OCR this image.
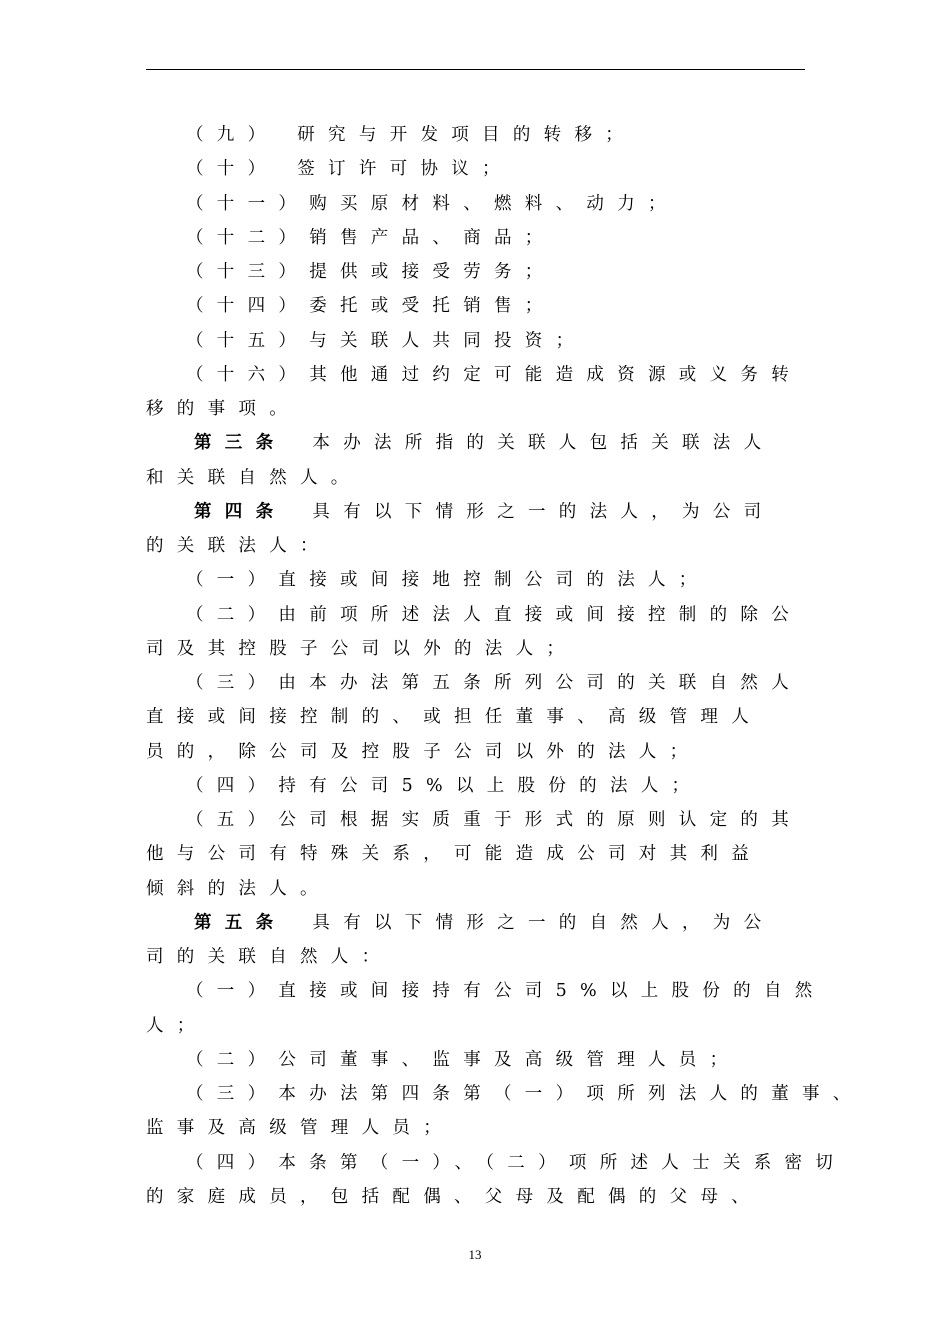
（九） 研究与开发项目的转移；

（十） 签订许可协议；

（十一）购买原材料、燃料、动力；

（十二）销售产品、商品；

（十三）提供或接受劳务；

（十四）委托或受托销售；

（十五）与关联人共同投资；

（十六）其他通过约定可能造成资源或义务转

移的事项。

第三条 本办法所指的关联人包括关联法人

和关联自然人。

第四条 具有以下情形之一的法人，为公司

的关联法人：

（一）直接或间接地控制公司的法人；

（二）由前项所述法人直接或间接控制的除公

司及其控股子公司以外的法人；

（三）由本办法第五条所列公司的关联自然人

直接或间接控制的、或担任董事、高级管理人

员的，除公司及控股子公司以外的法人；

（四）持有公司5%以上股份的法人；

（五）公司根据实质重于形式的原则认定的其

他与公司有特殊关系，可能造成公司对其利益

倾斜的法人。

第五条 具有以下情形之一的自然人，为公

司的关联自然人：

（一）直接或间接持有公司5%以上股份的自然

人；

（二）公司董事、监事及高级管理人员；

（三）本办法第四条第（一）项所列法人的董事、

监事及高级管理人员；

（四）本条第（一）、（二）项所述人士关系密切

的家庭成员，包括配偶、父母及配偶的父母、

13
